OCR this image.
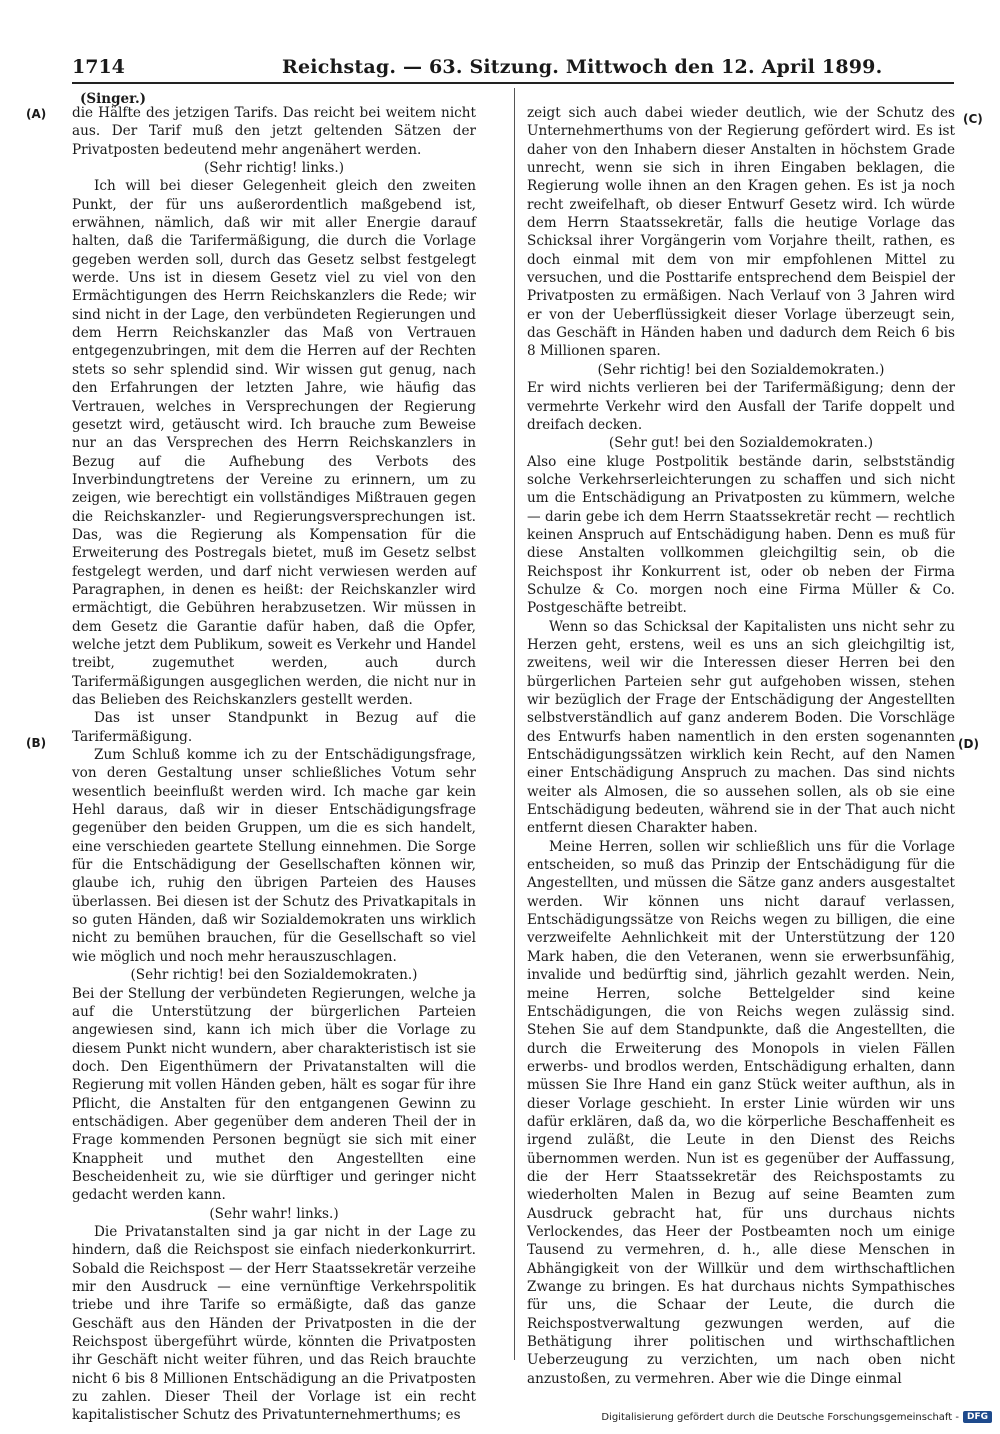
1714	Reichstag. — 63. Sitzung. Mittwoch den 12. April 1899.
(Singer.)
(A)
(B)
(C)
(D)

die Hälfte des jetzigen Tarifs. Das reicht bei weitem nicht aus. Der Tarif muß den jetzt geltenden Sätzen der Privatposten bedeutend mehr angenähert werden.

(Sehr richtig! links.)

Ich will bei dieser Gelegenheit gleich den zweiten Punkt, der für uns außerordentlich maßgebend ist, erwähnen, nämlich, daß wir mit aller Energie darauf halten, daß die Tarifermäßigung, die durch die Vorlage gegeben werden soll, durch das Gesetz selbst festgelegt werde. Uns ist in diesem Gesetz viel zu viel von den Ermächtigungen des Herrn Reichskanzlers die Rede; wir sind nicht in der Lage, den verbündeten Regierungen und dem Herrn Reichskanzler das Maß von Vertrauen entgegenzubringen, mit dem die Herren auf der Rechten stets so sehr splendid sind. Wir wissen gut genug, nach den Erfahrungen der letzten Jahre, wie häufig das Vertrauen, welches in Versprechungen der Regierung gesetzt wird, getäuscht wird. Ich brauche zum Beweise nur an das Versprechen des Herrn Reichskanzlers in Bezug auf die Aufhebung des Verbots des Inverbindungtretens der Vereine zu erinnern, um zu zeigen, wie berechtigt ein vollständiges Mißtrauen gegen die Reichskanzler- und Regierungsversprechungen ist. Das, was die Regierung als Kompensation für die Erweiterung des Postregals bietet, muß im Gesetz selbst festgelegt werden, und darf nicht verwiesen werden auf Paragraphen, in denen es heißt: der Reichskanzler wird ermächtigt, die Gebühren herabzusetzen. Wir müssen in dem Gesetz die Garantie dafür haben, daß die Opfer, welche jetzt dem Publikum, soweit es Verkehr und Handel treibt, zugemuthet werden, auch durch Tarifermäßigungen ausgeglichen werden, die nicht nur in das Belieben des Reichskanzlers gestellt werden.

Das ist unser Standpunkt in Bezug auf die Tarifermäßigung.

Zum Schluß komme ich zu der Entschädigungsfrage, von deren Gestaltung unser schließliches Votum sehr wesentlich beeinflußt werden wird. Ich mache gar kein Hehl daraus, daß wir in dieser Entschädigungsfrage gegenüber den beiden Gruppen, um die es sich handelt, eine verschieden geartete Stellung einnehmen. Die Sorge für die Entschädigung der Gesellschaften können wir, glaube ich, ruhig den übrigen Parteien des Hauses überlassen. Bei diesen ist der Schutz des Privatkapitals in so guten Händen, daß wir Sozialdemokraten uns wirklich nicht zu bemühen brauchen, für die Gesellschaft so viel wie möglich und noch mehr herauszuschlagen.

(Sehr richtig! bei den Sozialdemokraten.)

Bei der Stellung der verbündeten Regierungen, welche ja auf die Unterstützung der bürgerlichen Parteien angewiesen sind, kann ich mich über die Vorlage zu diesem Punkt nicht wundern, aber charakteristisch ist sie doch. Den Eigenthümern der Privatanstalten will die Regierung mit vollen Händen geben, hält es sogar für ihre Pflicht, die Anstalten für den entgangenen Gewinn zu entschädigen. Aber gegenüber dem anderen Theil der in Frage kommenden Personen begnügt sie sich mit einer Knappheit und muthet den Angestellten eine Bescheidenheit zu, wie sie dürftiger und geringer nicht gedacht werden kann.

(Sehr wahr! links.)

Die Privatanstalten sind ja gar nicht in der Lage zu hindern, daß die Reichspost sie einfach niederkonkurrirt. Sobald die Reichspost — der Herr Staatssekretär verzeihe mir den Ausdruck — eine vernünftige Verkehrspolitik triebe und ihre Tarife so ermäßigte, daß das ganze Geschäft aus den Händen der Privatposten in die der Reichspost übergeführt würde, könnten die Privatposten ihr Geschäft nicht weiter führen, und das Reich brauchte nicht 6 bis 8 Millionen Entschädigung an die Privatposten zu zahlen. Dieser Theil der Vorlage ist ein recht kapitalistischer Schutz des Privatunternehmerthums; es

zeigt sich auch dabei wieder deutlich, wie der Schutz des Unternehmerthums von der Regierung gefördert wird. Es ist daher von den Inhabern dieser Anstalten in höchstem Grade unrecht, wenn sie sich in ihren Eingaben beklagen, die Regierung wolle ihnen an den Kragen gehen. Es ist ja noch recht zweifelhaft, ob dieser Entwurf Gesetz wird. Ich würde dem Herrn Staatssekretär, falls die heutige Vorlage das Schicksal ihrer Vorgängerin vom Vorjahre theilt, rathen, es doch einmal mit dem von mir empfohlenen Mittel zu versuchen, und die Posttarife entsprechend dem Beispiel der Privatposten zu ermäßigen. Nach Verlauf von 3 Jahren wird er von der Ueberflüssigkeit dieser Vorlage überzeugt sein, das Geschäft in Händen haben und dadurch dem Reich 6 bis 8 Millionen sparen.

(Sehr richtig! bei den Sozialdemokraten.)

Er wird nichts verlieren bei der Tarifermäßigung; denn der vermehrte Verkehr wird den Ausfall der Tarife doppelt und dreifach decken.

(Sehr gut! bei den Sozialdemokraten.)

Also eine kluge Postpolitik bestände darin, selbstständig solche Verkehrserleichterungen zu schaffen und sich nicht um die Entschädigung an Privatposten zu kümmern, welche — darin gebe ich dem Herrn Staatssekretär recht — rechtlich keinen Anspruch auf Entschädigung haben. Denn es muß für diese Anstalten vollkommen gleichgiltig sein, ob die Reichspost ihr Konkurrent ist, oder ob neben der Firma Schulze & Co. morgen noch eine Firma Müller & Co. Postgeschäfte betreibt.

Wenn so das Schicksal der Kapitalisten uns nicht sehr zu Herzen geht, erstens, weil es uns an sich gleichgiltig ist, zweitens, weil wir die Interessen dieser Herren bei den bürgerlichen Parteien sehr gut aufgehoben wissen, stehen wir bezüglich der Frage der Entschädigung der Angestellten selbstverständlich auf ganz anderem Boden. Die Vorschläge des Entwurfs haben namentlich in den ersten sogenannten Entschädigungssätzen wirklich kein Recht, auf den Namen einer Entschädigung Anspruch zu machen. Das sind nichts weiter als Almosen, die so aussehen sollen, als ob sie eine Entschädigung bedeuten, während sie in der That auch nicht entfernt diesen Charakter haben.

Meine Herren, sollen wir schließlich uns für die Vorlage entscheiden, so muß das Prinzip der Entschädigung für die Angestellten, und müssen die Sätze ganz anders ausgestaltet werden. Wir können uns nicht darauf verlassen, Entschädigungssätze von Reichs wegen zu billigen, die eine verzweifelte Aehnlichkeit mit der Unterstützung der 120 Mark haben, die den Veteranen, wenn sie erwerbsunfähig, invalide und bedürftig sind, jährlich gezahlt werden. Nein, meine Herren, solche Bettelgelder sind keine Entschädigungen, die von Reichs wegen zulässig sind. Stehen Sie auf dem Standpunkte, daß die Angestellten, die durch die Erweiterung des Monopols in vielen Fällen erwerbs- und brodlos werden, Entschädigung erhalten, dann müssen Sie Ihre Hand ein ganz Stück weiter aufthun, als in dieser Vorlage geschieht. In erster Linie würden wir uns dafür erklären, daß da, wo die körperliche Beschaffenheit es irgend zuläßt, die Leute in den Dienst des Reichs übernommen werden. Nun ist es gegenüber der Auffassung, die der Herr Staatssekretär des Reichspostamts zu wiederholten Malen in Bezug auf seine Beamten zum Ausdruck gebracht hat, für uns durchaus nichts Verlockendes, das Heer der Postbeamten noch um einige Tausend zu vermehren, d. h., alle diese Menschen in Abhängigkeit von der Willkür und dem wirthschaftlichen Zwange zu bringen. Es hat durchaus nichts Sympathisches für uns, die Schaar der Leute, die durch die Reichspostverwaltung gezwungen werden, auf die Bethätigung ihrer politischen und wirthschaftlichen Ueberzeugung zu verzichten, um nach oben nicht anzustoßen, zu vermehren. Aber wie die Dinge einmal

Digitalisierung gefördert durch die Deutsche Forschungsgemeinschaft - DFG
